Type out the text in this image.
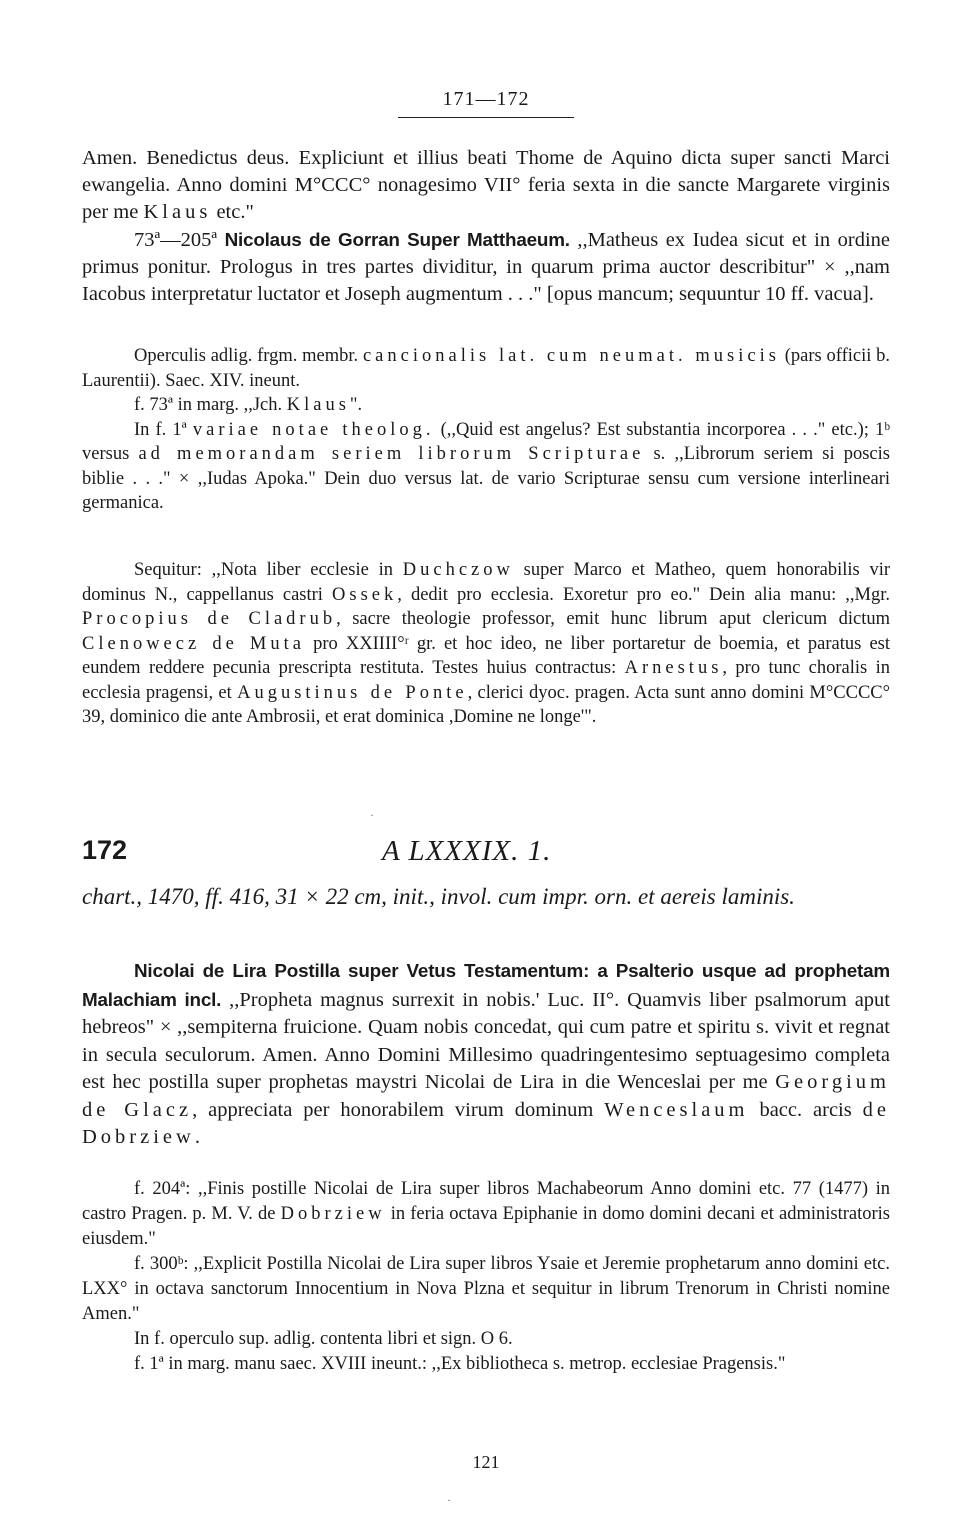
171—172

Amen. Benedictus deus. Expliciunt et illius beati Thome de Aquino dicta super sancti Marci ewangelia. Anno domini M°CCC° nonagesimo VII° feria sexta in die sancte Margarete virginis per me Klaus etc."

73ª—205ª Nicolaus de Gorran Super Matthaeum. ,,Matheus ex Iudea sicut et in ordine primus ponitur. Prologus in tres partes dividitur, in quarum prima auctor describitur" × ,,nam Iacobus interpretatur luctator et Joseph augmentum . . ." [opus mancum; sequuntur 10 ff. vacua].

Operculis adlig. frgm. membr. cancionalis lat. cum neumat. musicis (pars officii b. Laurentii). Saec. XIV. ineunt.

f. 73ª in marg. ,,Jch. Klaus".

In f. 1ª variae notae theolog. (,,Quid est angelus? Est substantia incorporea . . ." etc.); 1ᵇ versus ad memorandam seriem librorum Scripturae s. ,,Librorum seriem si poscis biblie . . ." × ,,Iudas Apoka." Dein duo versus lat. de vario Scripturae sensu cum versione interlineari germanica.

Sequitur: ,,Nota liber ecclesie in Duchczow super Marco et Matheo, quem honorabilis vir dominus N., cappellanus castri Ossek, dedit pro ecclesia. Exoretur pro eo." Dein alia manu: ,,Mgr. Procopius de Cladrub, sacre theologie professor, emit hunc librum aput clericum dictum Clenowecz de Muta pro XXIIII°ʳ gr. et hoc ideo, ne liber portaretur de boemia, et paratus est eundem reddere pecunia prescripta restituta. Testes huius contractus: Arnestus, pro tunc choralis in ecclesia pragensi, et Augustinus de Ponte, clerici dyoc. pragen. Acta sunt anno domini M°CCCC° 39, dominico die ante Ambrosii, et erat dominica ,Domine ne longe'".

172	A LXXXIX. 1.
chart., 1470, ff. 416, 31 × 22 cm, init., invol. cum impr. orn. et aereis laminis.

Nicolai de Lira Postilla super Vetus Testamentum: a Psalterio usque ad prophetam Malachiam incl. ,,Propheta magnus surrexit in nobis.' Luc. II°. Quamvis liber psalmorum aput hebreos" × ,,sempiterna fruicione. Quam nobis concedat, qui cum patre et spiritu s. vivit et regnat in secula seculorum. Amen. Anno Domini Millesimo quadringentesimo septuagesimo completa est hec postilla super prophetas maystri Nicolai de Lira in die Wenceslai per me Georgium de Glacz, appreciata per honorabilem virum dominum Wenceslaum bacc. arcis de Dobrziew.

f. 204ª: ,,Finis postille Nicolai de Lira super libros Machabeorum Anno domini etc. 77 (1477) in castro Pragen. p. M. V. de Dobrziew in feria octava Epiphanie in domo domini decani et administratoris eiusdem."

f. 300ᵇ: ,,Explicit Postilla Nicolai de Lira super libros Ysaie et Jeremie prophetarum anno domini etc. LXX° in octava sanctorum Innocentium in Nova Plzna et sequitur in librum Trenorum in Christi nomine Amen."

In f. operculo sup. adlig. contenta libri et sign. O 6.

f. 1ª in marg. manu saec. XVIII ineunt.: ,,Ex bibliotheca s. metrop. ecclesiae Pragensis."

121
·
·
